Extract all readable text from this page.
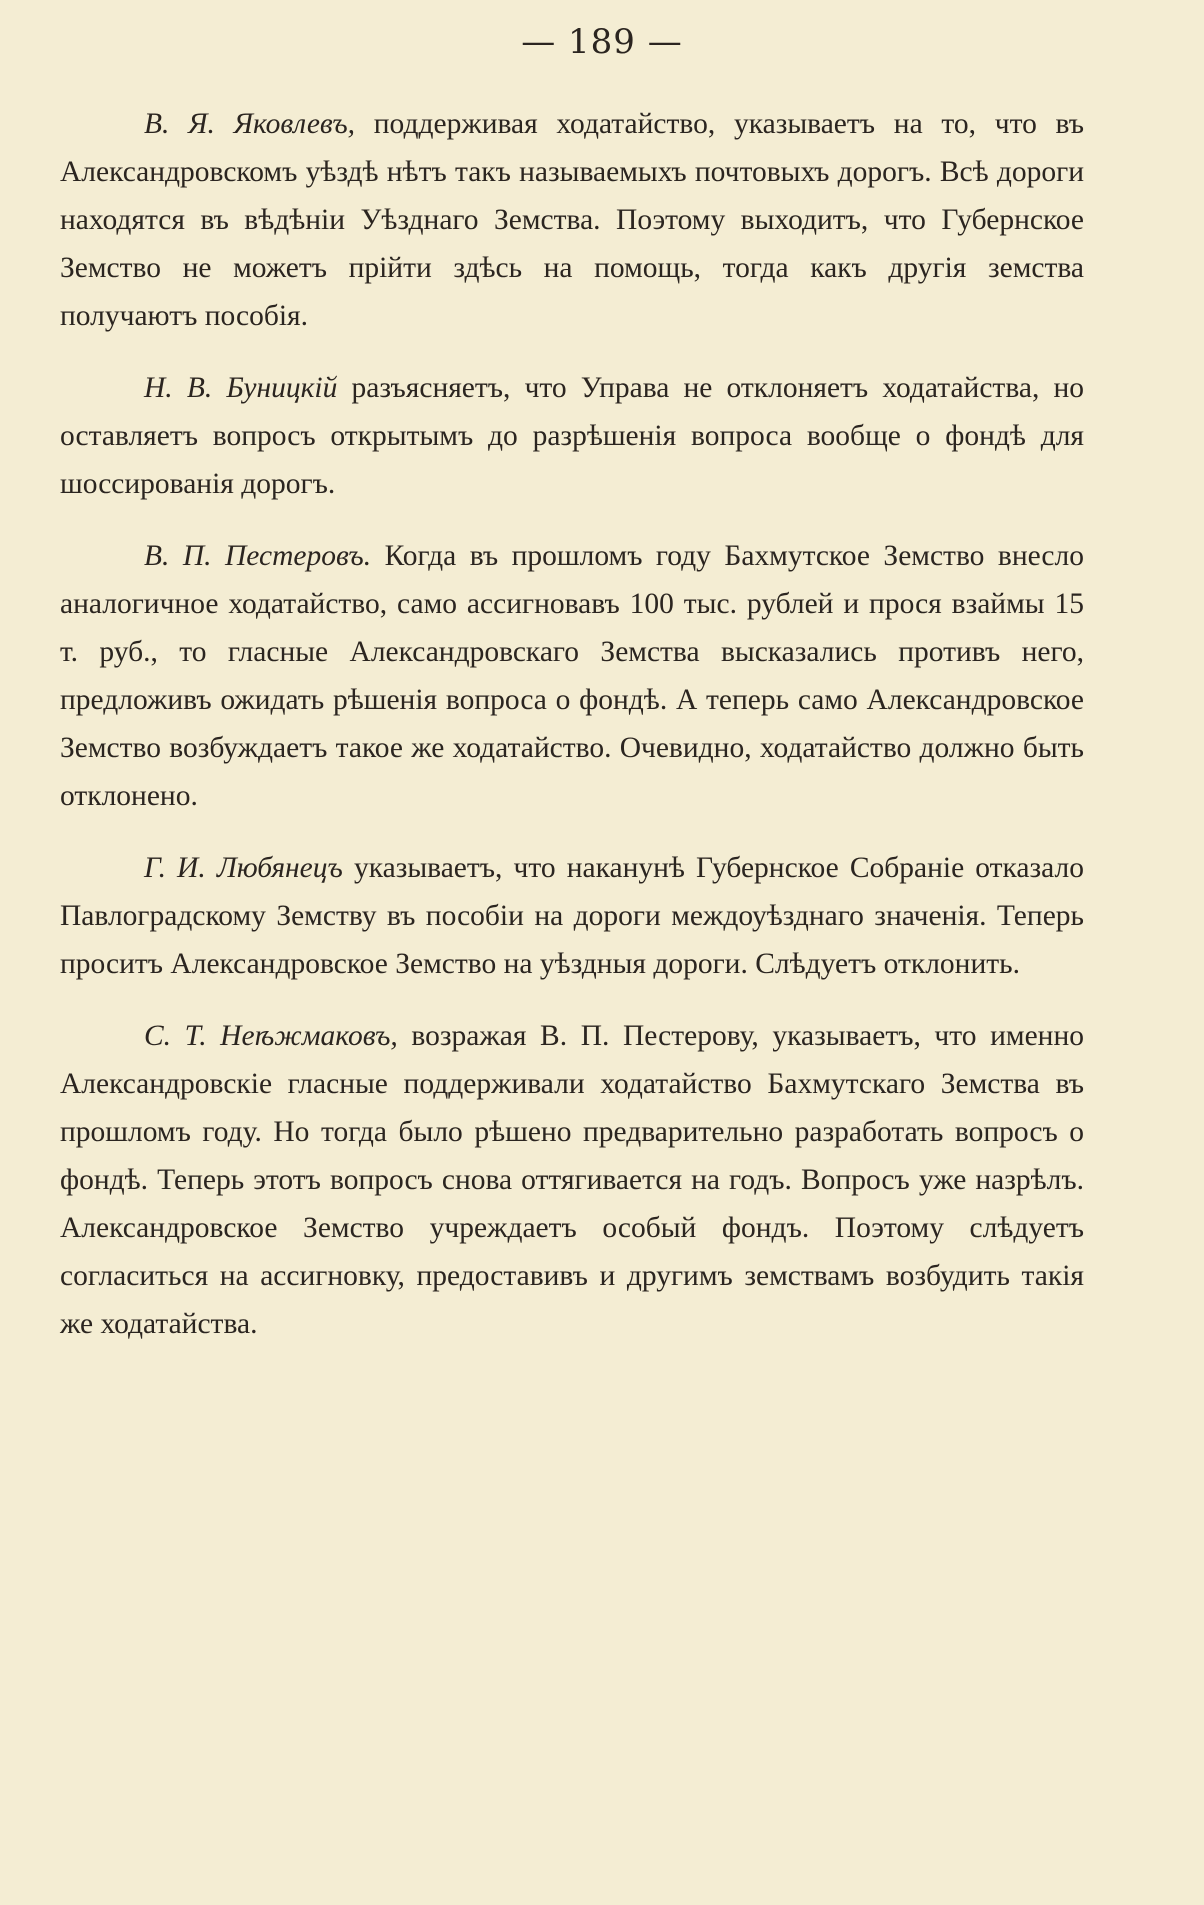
— 189 —

В. Я. Яковлевъ, поддерживая ходатайство, указываетъ на то, что въ Александровскомъ уѣздѣ нѣтъ такъ называемыхъ почтовыхъ дорогъ. Всѣ дороги находятся въ вѣдѣніи Уѣзднаго Земства. Поэтому выходитъ, что Губернское Земство не можетъ прійти здѣсь на помощь, тогда какъ другія земства получаютъ пособія.

Н. В. Буницкій разъясняетъ, что Управа не отклоняетъ ходатайства, но оставляетъ вопросъ открытымъ до разрѣшенія вопроса вообще о фондѣ для шоссированія дорогъ.

В. П. Пестеровъ. Когда въ прошломъ году Бахмутское Земство внесло аналогичное ходатайство, само ассигновавъ 100 тыс. рублей и прося взаймы 15 т. руб., то гласные Александровскаго Земства высказались противъ него, предложивъ ожидать рѣшенія вопроса о фондѣ. А теперь само Александровское Земство возбуждаетъ такое же ходатайство. Очевидно, ходатайство должно быть отклонено.

Г. И. Любянецъ указываетъ, что наканунѣ Губернское Собраніе отказало Павлоградскому Земству въ пособіи на дороги междоуѣзднаго значенія. Теперь проситъ Александровское Земство на уѣздныя дороги. Слѣдуетъ отклонить.

С. Т. Неѣжмаковъ, возражая В. П. Пестерову, указываетъ, что именно Александровскіе гласные поддерживали ходатайство Бахмутскаго Земства въ прошломъ году. Но тогда было рѣшено предварительно разработать вопросъ о фондѣ. Теперь этотъ вопросъ снова оттягивается на годъ. Вопросъ уже назрѣлъ. Александровское Земство учреждаетъ особый фондъ. Поэтому слѣдуетъ согласиться на ассигновку, предоставивъ и другимъ земствамъ возбудить такія же ходатайства.
